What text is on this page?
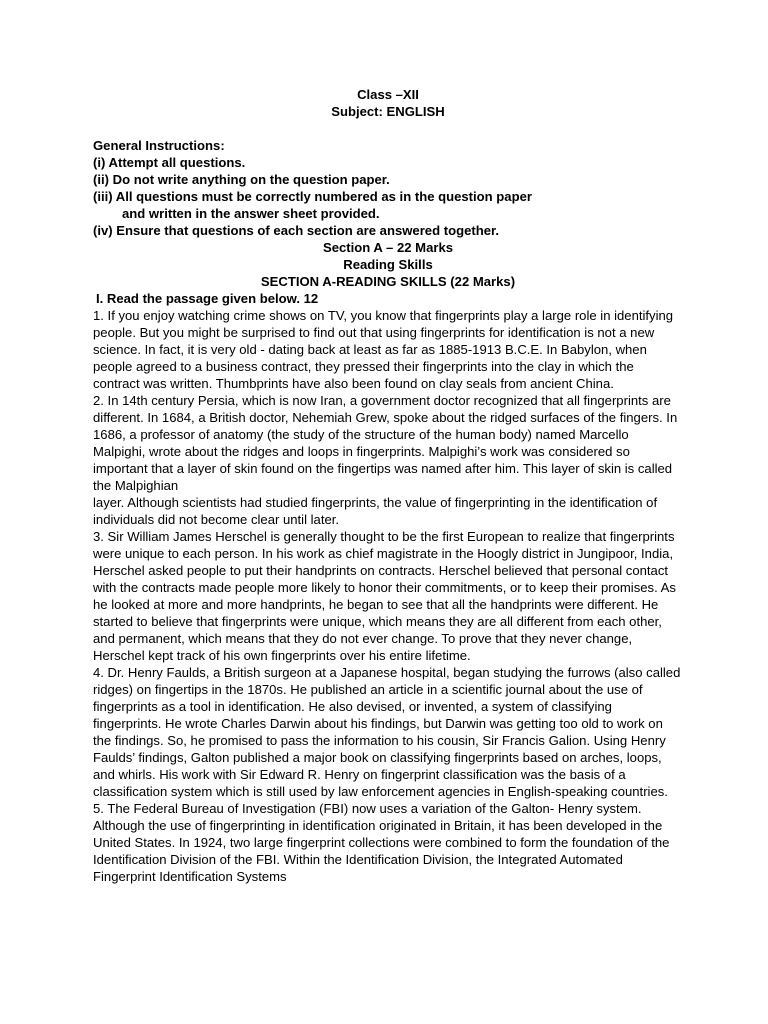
Class –XII
Subject: ENGLISH
General Instructions:
(i) Attempt all questions.
(ii) Do not write anything on the question paper.
(iii) All questions must be correctly numbered as in the question paper
and written in the answer sheet provided.
(iv) Ensure that questions of each section are answered together.
Section A – 22 Marks
Reading Skills
SECTION A-READING SKILLS (22 Marks)
I. Read the passage given below. 12

1. If you enjoy watching crime shows on TV, you know that fingerprints play a large role in identifying people. But you might be surprised to find out that using fingerprints for identification is not a new science. In fact, it is very old - dating back at least as far as 1885-1913 B.C.E. In Babylon, when people agreed to a business contract, they pressed their fingerprints into the clay in which the contract was written. Thumbprints have also been found on clay seals from ancient China.

2. In 14th century Persia, which is now Iran, a government doctor recognized that all fingerprints are different. In 1684, a British doctor, Nehemiah Grew, spoke about the ridged surfaces of the fingers. In 1686, a professor of anatomy (the study of the structure of the human body) named Marcello Malpighi, wrote about the ridges and loops in fingerprints. Malpighi’s work was considered so important that a layer of skin found on the fingertips was named after him. This layer of skin is called the Malpighian

layer. Although scientists had studied fingerprints, the value of fingerprinting in the identification of individuals did not become clear until later.

3. Sir William James Herschel is generally thought to be the first European to realize that fingerprints were unique to each person. In his work as chief magistrate in the Hoogly district in Jungipoor, India, Herschel asked people to put their handprints on contracts. Herschel believed that personal contact with the contracts made people more likely to honor their commitments, or to keep their promises. As he looked at more and more handprints, he began to see that all the handprints were different. He started to believe that fingerprints were unique, which means they are all different from each other, and permanent, which means that they do not ever change. To prove that they never change, Herschel kept track of his own fingerprints over his entire lifetime.

4. Dr. Henry Faulds, a British surgeon at a Japanese hospital, began studying the furrows (also called ridges) on fingertips in the 1870s. He published an article in a scientific journal about the use of fingerprints as a tool in identification. He also devised, or invented, a system of classifying fingerprints. He wrote Charles Darwin about his findings, but Darwin was getting too old to work on the findings. So, he promised to pass the information to his cousin, Sir Francis Galion. Using Henry Faulds’ findings, Galton published a major book on classifying fingerprints based on arches, loops, and whirls. His work with Sir Edward R. Henry on fingerprint classification was the basis of a classification system which is still used by law enforcement agencies in English-speaking countries.

5. The Federal Bureau of Investigation (FBI) now uses a variation of the Galton- Henry system. Although the use of fingerprinting in identification originated in Britain, it has been developed in the United States. In 1924, two large fingerprint collections were combined to form the foundation of the Identification Division of the FBI. Within the Identification Division, the Integrated Automated Fingerprint Identification Systems
